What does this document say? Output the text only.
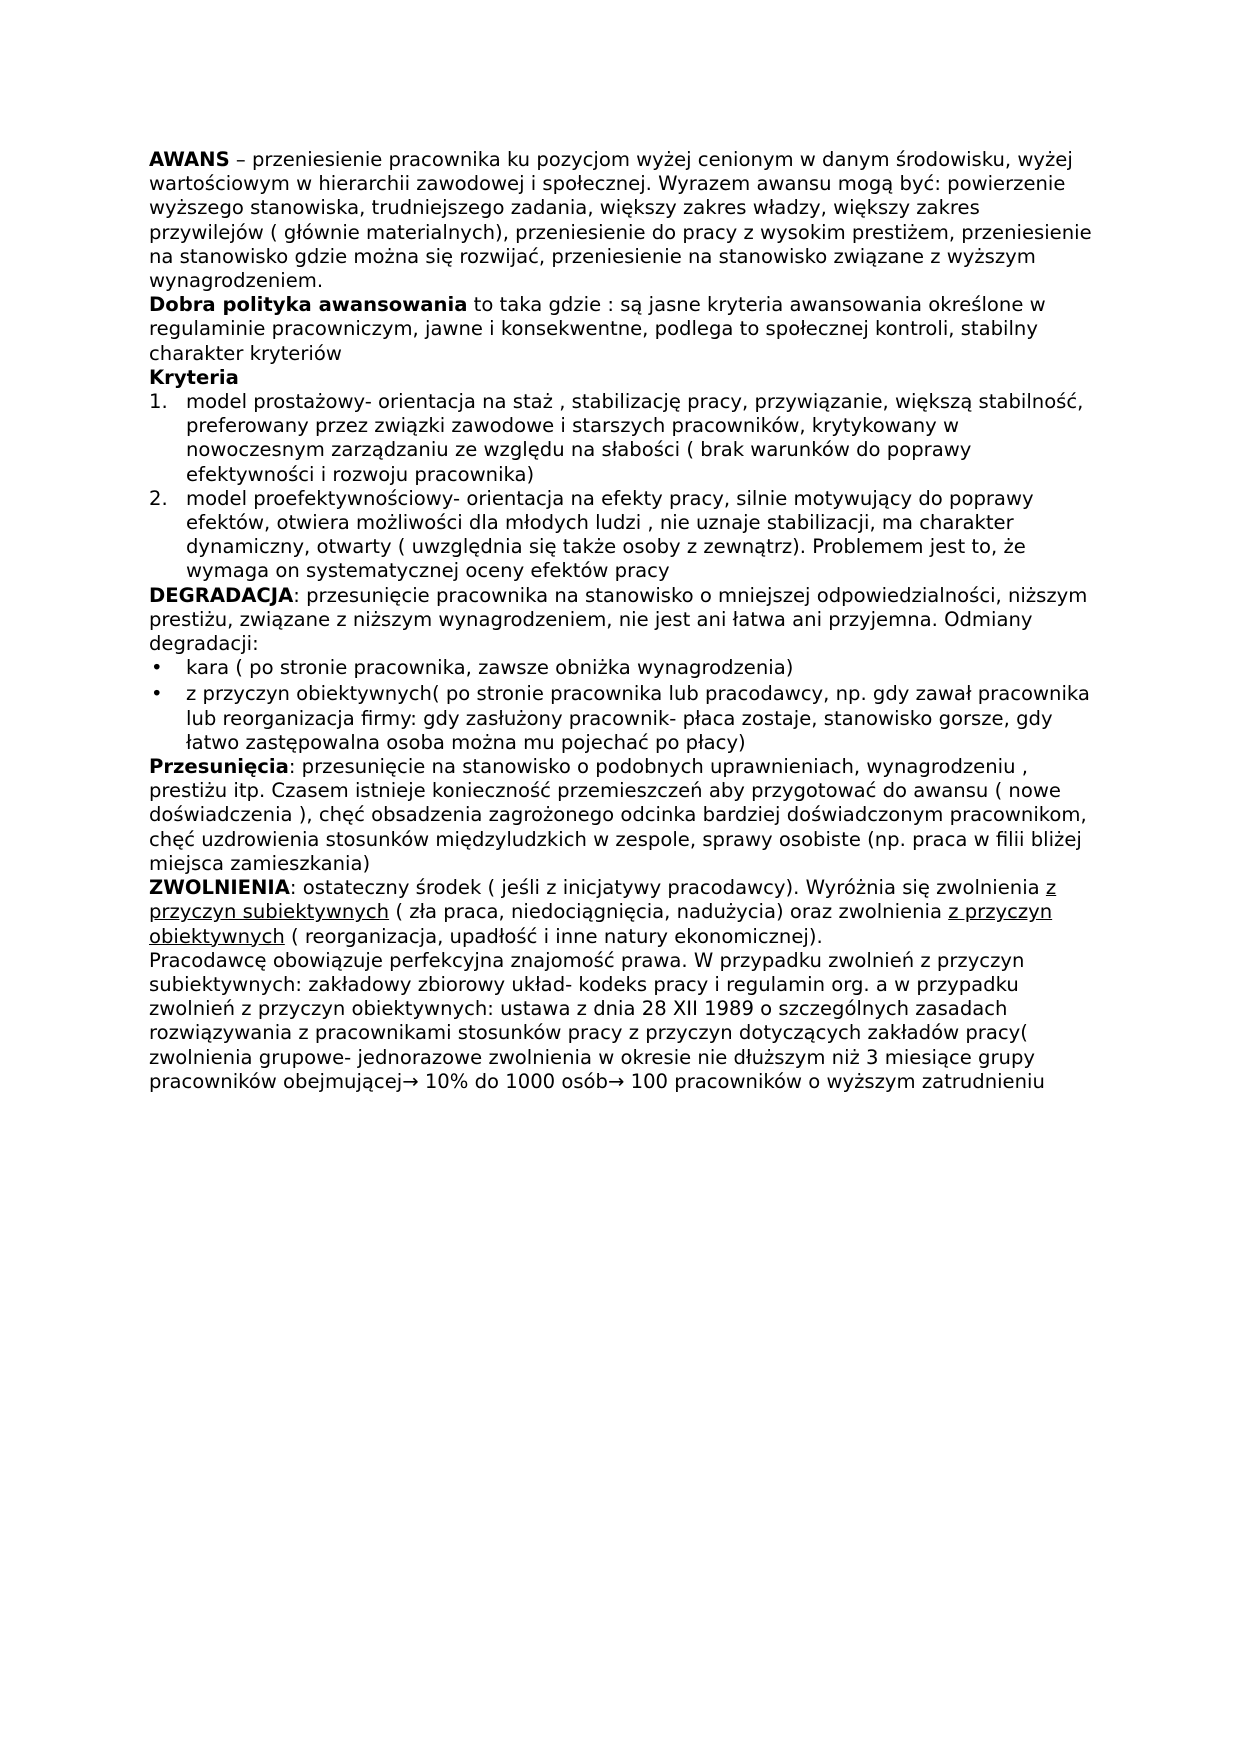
AWANS – przeniesienie pracownika ku pozycjom wyżej cenionym w danym środowisku, wyżej wartościowym w hierarchii zawodowej i społecznej. Wyrazem awansu mogą być: powierzenie wyższego stanowiska, trudniejszego zadania, większy zakres władzy, większy zakres przywilejów ( głównie materialnych), przeniesienie do pracy z wysokim prestiżem, przeniesienie na stanowisko gdzie można się rozwijać, przeniesienie na stanowisko związane z wyższym wynagrodzeniem.

Dobra polityka awansowania to taka gdzie : są jasne kryteria awansowania określone w regulaminie pracowniczym, jawne i konsekwentne, podlega to społecznej kontroli, stabilny charakter kryteriów

Kryteria

1. model prostażowy- orientacja na staż , stabilizację pracy, przywiązanie, większą stabilność, preferowany przez związki zawodowe i starszych pracowników, krytykowany w nowoczesnym zarządzaniu ze względu na słabości ( brak warunków do poprawy efektywności i rozwoju pracownika)
2. model proefektywnościowy- orientacja na efekty pracy, silnie motywujący do poprawy efektów, otwiera możliwości dla młodych ludzi , nie uznaje stabilizacji, ma charakter dynamiczny, otwarty ( uwzględnia się także osoby z zewnątrz). Problemem jest to, że wymaga on systematycznej oceny efektów pracy

DEGRADACJA: przesunięcie pracownika na stanowisko o mniejszej odpowiedzialności, niższym prestiżu, związane z niższym wynagrodzeniem, nie jest ani łatwa ani przyjemna. Odmiany degradacji:

• kara ( po stronie pracownika, zawsze obniżka wynagrodzenia)
• z przyczyn obiektywnych( po stronie pracownika lub pracodawcy, np. gdy zawał pracownika lub reorganizacja firmy: gdy zasłużony pracownik- płaca zostaje, stanowisko gorsze, gdy łatwo zastępowalna osoba można mu pojechać po płacy)

Przesunięcia: przesunięcie na stanowisko o podobnych uprawnieniach, wynagrodzeniu , prestiżu itp. Czasem istnieje konieczność przemieszczeń aby przygotować do awansu ( nowe doświadczenia ), chęć obsadzenia zagrożonego odcinka bardziej doświadczonym pracownikom, chęć uzdrowienia stosunków międzyludzkich w zespole, sprawy osobiste (np. praca w filii bliżej miejsca zamieszkania)

ZWOLNIENIA: ostateczny środek ( jeśli z inicjatywy pracodawcy). Wyróżnia się zwolnienia z przyczyn subiektywnych ( zła praca, niedociągnięcia, nadużycia) oraz zwolnienia z przyczyn obiektywnych ( reorganizacja, upadłość i inne natury ekonomicznej).

Pracodawcę obowiązuje perfekcyjna znajomość prawa. W przypadku zwolnień z przyczyn subiektywnych: zakładowy zbiorowy układ- kodeks pracy i regulamin org. a w przypadku zwolnień z przyczyn obiektywnych: ustawa z dnia 28 XII 1989 o szczególnych zasadach rozwiązywania z pracownikami stosunków pracy z przyczyn dotyczących zakładów pracy( zwolnienia grupowe- jednorazowe zwolnienia w okresie nie dłuższym niż 3 miesiące grupy pracowników obejmującej→ 10% do 1000 osób→ 100 pracowników o wyższym zatrudnieniu
